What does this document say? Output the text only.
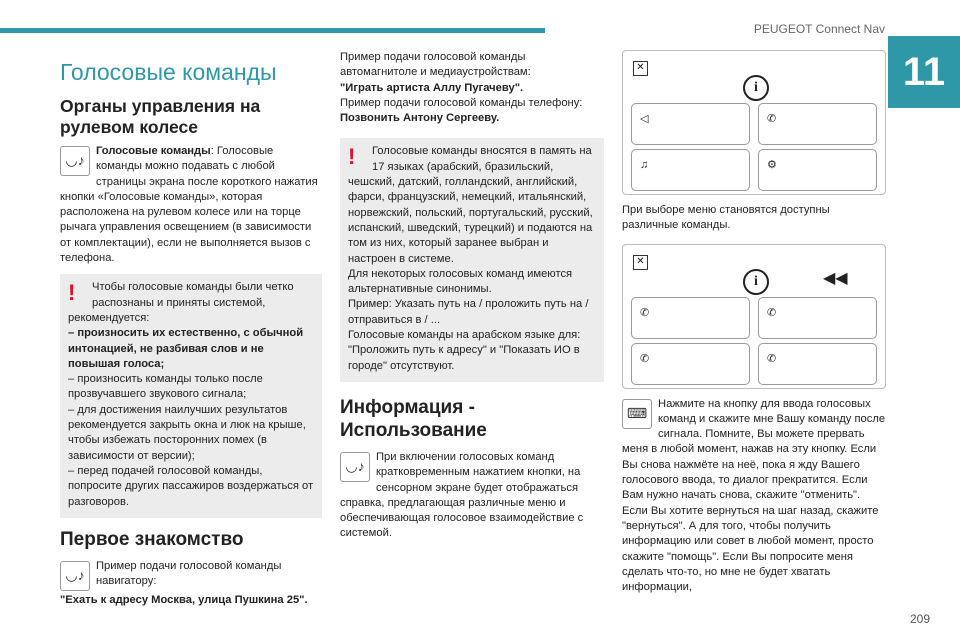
PEUGEOT Connect Nav
11
209
Голосовые команды
Органы управления на рулевом колесе
◡♪
Голосовые команды: Голосовые команды можно подавать с любой страницы экрана после короткого нажатия кнопки «Голосовые команды», которая расположена на рулевом колесе или на торце рычага управления освещением (в зависимости от комплектации), если не выполняется вызов с телефона.
!	Чтобы голосовые команды были четко распознаны и приняты системой, рекомендуется:

– произносить их естественно, с обычной интонацией, не разбивая слов и не повышая голоса;

– произносить команды только после прозвучавшего звукового сигнала;

– для достижения наилучших результатов рекомендуется закрыть окна и люк на крыше, чтобы избежать посторонних помех (в зависимости от версии);

– перед подачей голосовой команды, попросите других пассажиров воздержаться от разговоров.

Первое знакомство
◡♪
Пример подачи голосовой команды навигатору:

"Ехать к адресу Москва, улица Пушкина 25".

Пример подачи голосовой команды автомагнитоле и медиаустройствам:

"Играть артиста Аллу Пугачеву".

Пример подачи голосовой команды телефону:

Позвонить Антону Сергееву.

!	Голосовые команды вносятся в память на 17 языках (арабский, бразильский, чешский, датский, голландский, английский, фарси, французский, немецкий, итальянский, норвежский, польский, португальский, русский, испанский, шведский, турецкий) и подаются на том из них, который заранее выбран и настроен в системе.

Для некоторых голосовых команд имеются альтернативные синонимы.

Пример: Указать путь на / проложить путь на / отправиться в / ...

Голосовые команды на арабском языке для: "Проложить путь к адресу" и "Показать ИО в городе" отсутствуют.

Информация - Использование
◡♪
При включении голосовых команд кратковременным нажатием кнопки, на сенсорном экране будет отображаться справка, предлагающая различные меню и обеспечивающая голосовое взаимодействие с системой.
✕
i
◁	✆
♫	⚙

При выборе меню становятся доступны различные команды.

✕
i	◀◀
✆	✆
✆	✆
⌨
Нажмите на кнопку для ввода голосовых команд и скажите мне Вашу команду после сигнала. Помните, Вы можете прервать меня в любой момент, нажав на эту кнопку. Если Вы снова нажмёте на неё, пока я жду Вашего голосового ввода, то диалог прекратится. Если Вам нужно начать снова, скажите "отменить". Если Вы хотите вернуться на шаг назад, скажите "вернуться". А для того, чтобы получить информацию или совет в любой момент, просто скажите "помощь". Если Вы попросите меня сделать что-то, но мне не будет хватать информации,
